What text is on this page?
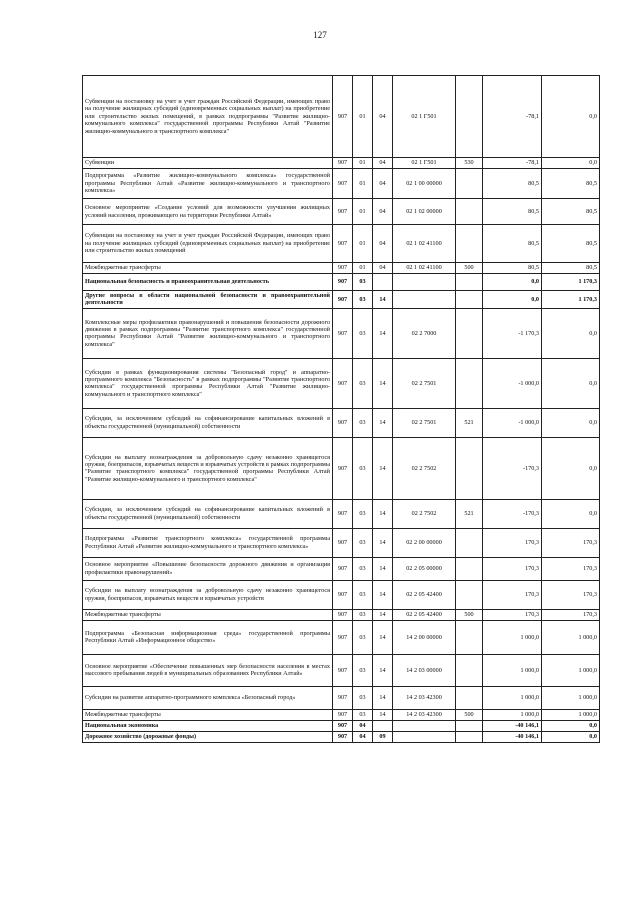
127
Субвенции на постановку на учет и учет граждан Российской Федерации, имеющих право на получение жилищных субсидий (единовременных социальных выплат) на приобретение или строительство жилых помещений, в рамках подпрограммы "Развитие жилищно-коммунального комплекса" государственной программы Республики Алтай "Развитие жилищно-коммунального и транспортного комплекса"	907	01	04	02 1 Г501		-78,1	0,0
Субвенции	907	01	04	02 1 Г501	530	-78,1	0,0
Подпрограмма «Развитие жилищно-коммунального комплекса» государственной программы Республики Алтай «Развитие жилищно-коммунального и транспортного комплекса»	907	01	04	02 1 00 00000		80,5	80,5
Основное мероприятие «Создание условий для возможности улучшения жилищных условий населения, проживающего на территории Республики Алтай»	907	01	04	02 1 02 00000		80,5	80,5
Субвенции на постановку на учет и учет граждан Российской Федерации, имеющих право на получение жилищных субсидий (единовременных социальных выплат) на приобретение или строительство жилых помещений	907	01	04	02 1 02 41100		80,5	80,5
Межбюджетные трансферты	907	01	04	02 1 02 41100	500	80,5	80,5
Национальная безопасность и правоохранительная деятельность	907	03				0,0	1 170,3
Другие вопросы в области национальной безопасности и правоохранительной деятельности	907	03	14			0,0	1 170,3
Комплексные меры профилактики правонарушений и повышения безопасности дорожного движения в рамках подпрограммы "Развитие транспортного комплекса" государственной программы Республики Алтай "Развитие жилищно-коммунального и транспортного комплекса"	907	03	14	02 2 7000		-1 170,3	0,0
Субсидии в рамках функционирования системы "Безопасный город" и аппаратно-программного комплекса "Безопасность" в рамках подпрограммы "Развитие транспортного комплекса" государственной программы Республики Алтай "Развитие жилищно-коммунального и транспортного комплекса"	907	03	14	02 2 7501		-1 000,0	0,0
Субсидии, за исключением субсидий на софинансирование капитальных вложений в объекты государственной (муниципальной) собственности	907	03	14	02 2 7501	521	-1 000,0	0,0
Субсидии на выплату вознаграждения за добровольную сдачу незаконно хранящегося оружия, боеприпасов, взрывчатых веществ и взрывчатых устройств в рамках подпрограммы "Развитие транспортного комплекса" государственной программы Республики Алтай "Развитие жилищно-коммунального и транспортного комплекса"	907	03	14	02 2 7502		-170,3	0,0
Субсидии, за исключением субсидий на софинансирование капитальных вложений в объекты государственной (муниципальной) собственности	907	03	14	02 2 7502	521	-170,3	0,0
Подпрограмма «Развитие транспортного комплекса» государственной программы Республики Алтай «Развитие жилищно-коммунального и транспортного комплекса»	907	03	14	02 2 00 00000		170,3	170,3
Основное мероприятие «Повышение безопасности дорожного движения и организация профилактики правонарушений»	907	03	14	02 2 05 00000		170,3	170,3
Субсидии на выплату вознаграждения за добровольную сдачу незаконно хранящегося оружия, боеприпасов, взрывчатых веществ и взрывчатых устройств	907	03	14	02 2 05 42400		170,3	170,3
Межбюджетные трансферты	907	03	14	02 2 05 42400	500	170,3	170,3
Подпрограмма «Безопасная информационная среда» государственной программы Республики Алтай «Информационное общество»	907	03	14	14 2 00 00000		1 000,0	1 000,0
Основное мероприятие «Обеспечение повышенных мер безопасности населения в местах массового пребывания людей в муниципальных образованиях Республики Алтай»	907	03	14	14 2 03 00000		1 000,0	1 000,0
Субсидии на развитие аппаратно-программного комплекса «Безопасный город»	907	03	14	14 2 03 42300		1 000,0	1 000,0
Межбюджетные трансферты	907	03	14	14 2 03 42300	500	1 000,0	1 000,0
Национальная экономика	907	04				-40 146,1	0,0
Дорожное хозяйство (дорожные фонды)	907	04	09			-40 146,1	0,0
